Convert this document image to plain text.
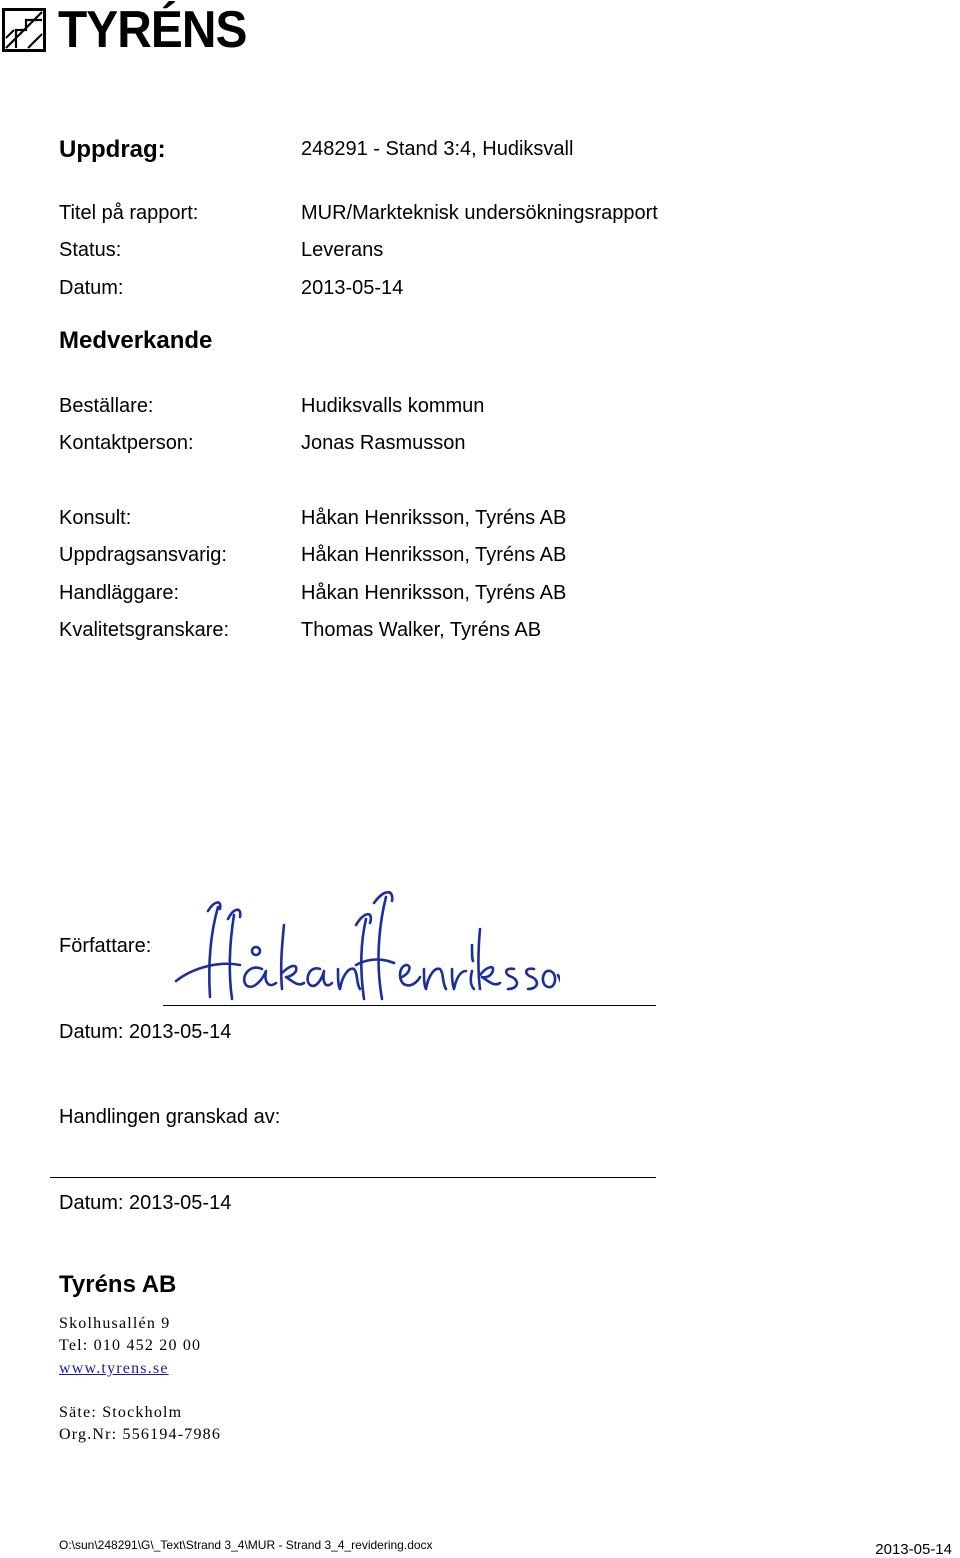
TYRÉNS
Uppdrag:	248291 - Stand 3:4, Hudiksvall
Titel på rapport:	MUR/Markteknisk undersökningsrapport
Status:	Leverans
Datum:	2013-05-14
Medverkande
Beställare:	Hudiksvalls kommun
Kontaktperson:	Jonas Rasmusson
Konsult:	Håkan Henriksson, Tyréns AB
Uppdragsansvarig:	Håkan Henriksson, Tyréns AB
Handläggare:	Håkan Henriksson, Tyréns AB
Kvalitetsgranskare:	Thomas Walker, Tyréns AB
Författare:
Datum: 2013-05-14
Handlingen granskad av:
Datum: 2013-05-14
Tyréns AB
Skolhusallén 9
Tel: 010 452 20 00
www.tyrens.se
Säte: Stockholm
Org.Nr: 556194-7986
O:\sun\248291\G\_Text\Strand 3_4\MUR - Strand 3_4_revidering.docx	2013-05-14
